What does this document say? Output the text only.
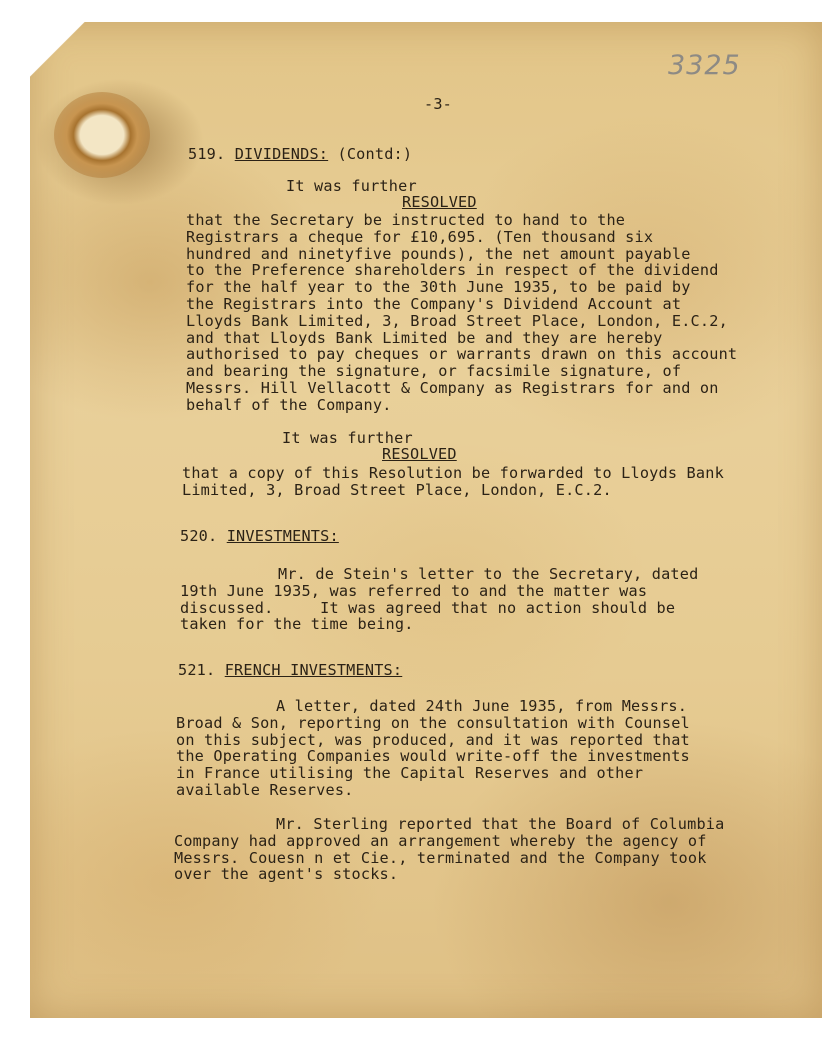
3325
-3-
519. DIVIDENDS: (Contd:)
It was further
RESOLVED
that the Secretary be instructed to hand to the
Registrars a cheque for £10,695. (Ten thousand six
hundred and ninetyfive pounds), the net amount payable
to the Preference shareholders in respect of the dividend
for the half year to the 30th June 1935, to be paid by
the Registrars into the Company's Dividend Account at
Lloyds Bank Limited, 3, Broad Street Place, London, E.C.2,
and that Lloyds Bank Limited be and they are hereby
authorised to pay cheques or warrants drawn on this account
and bearing the signature, or facsimile signature, of
Messrs. Hill Vellacott & Company as Registrars for and on
behalf of the Company.
It was further
RESOLVED
that a copy of this Resolution be forwarded to Lloyds Bank
Limited, 3, Broad Street Place, London, E.C.2.
520. INVESTMENTS:
Mr. de Stein's letter to the Secretary, dated
19th June 1935, was referred to and the matter was
discussed.     It was agreed that no action should be
taken for the time being.
521. FRENCH INVESTMENTS:
A letter, dated 24th June 1935, from Messrs.
Broad & Son, reporting on the consultation with Counsel
on this subject, was produced, and it was reported that
the Operating Companies would write-off the investments
in France utilising the Capital Reserves and other
available Reserves.
Mr. Sterling reported that the Board of Columbia
Company had approved an arrangement whereby the agency of
Messrs. Couesn n et Cie., terminated and the Company took
over the agent's stocks.
